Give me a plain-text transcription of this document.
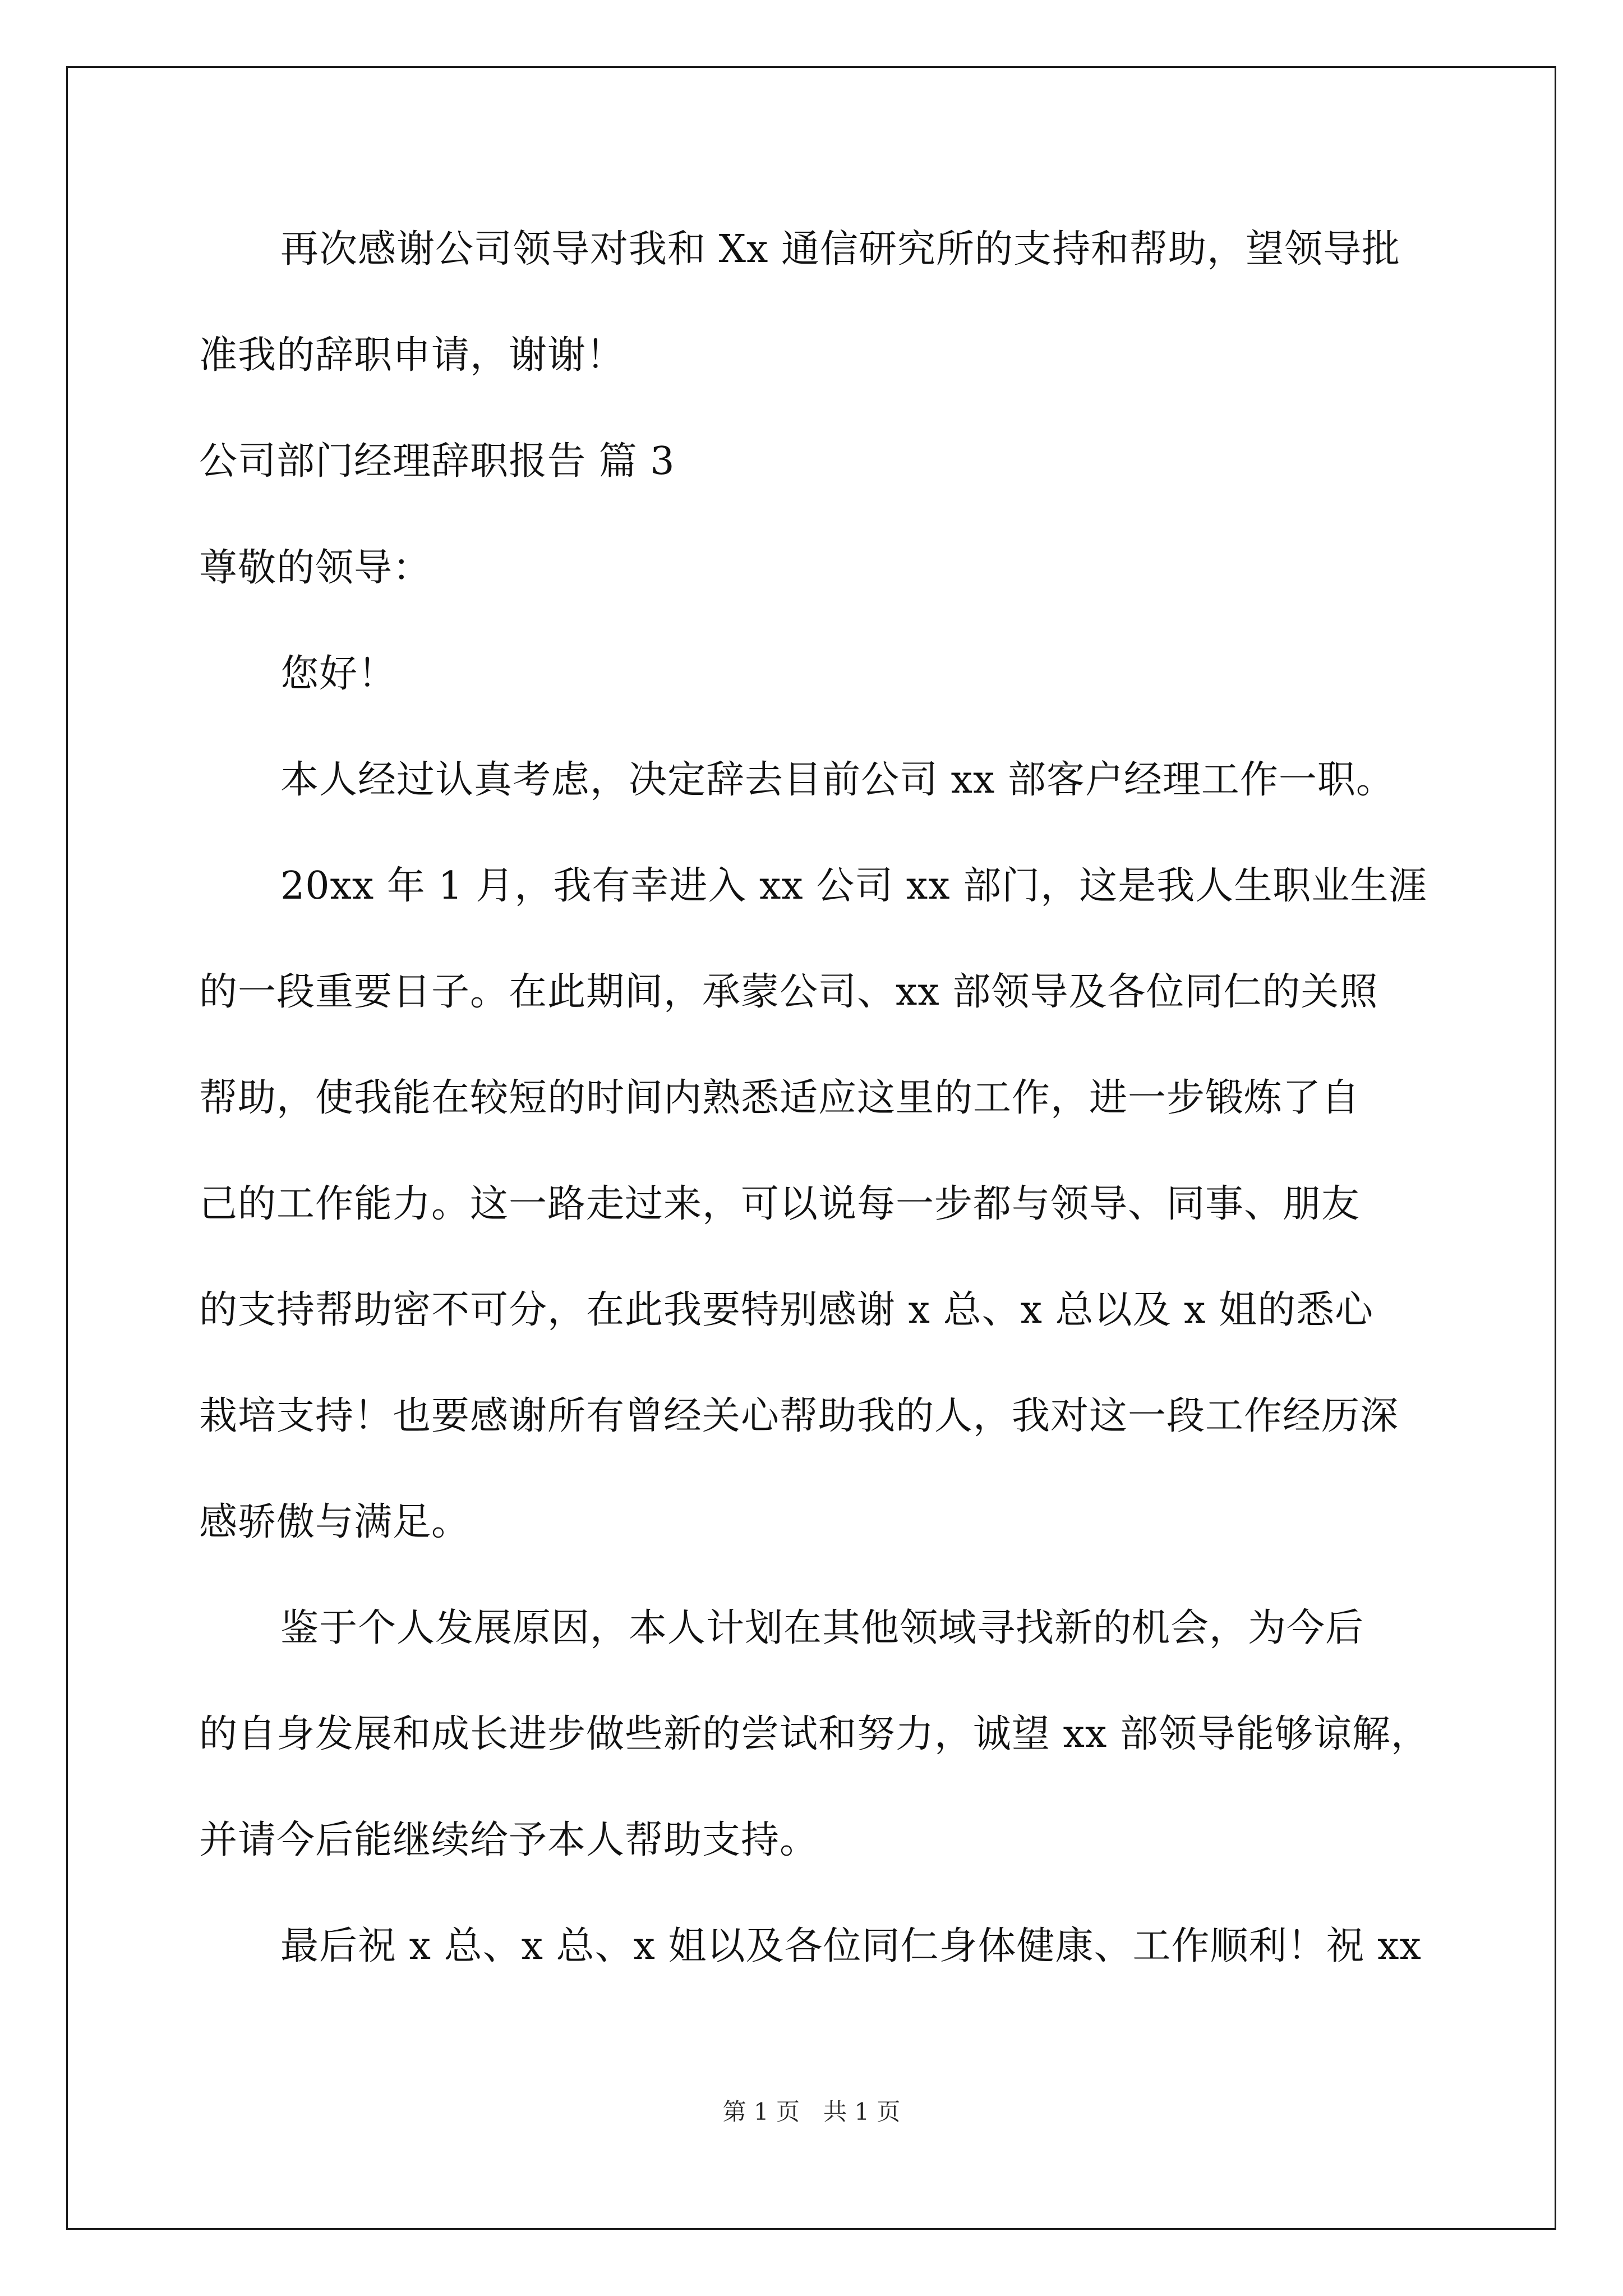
再次感谢公司领导对我和 Xx 通信研究所的支持和帮助，望领导批
准我的辞职申请，谢谢！
公司部门经理辞职报告 篇 3
尊敬的领导：
您好！
本人经过认真考虑，决定辞去目前公司 xx 部客户经理工作一职。
20xx 年 1 月，我有幸进入 xx 公司 xx 部门，这是我人生职业生涯
的一段重要日子。在此期间，承蒙公司、xx 部领导及各位同仁的关照
帮助，使我能在较短的时间内熟悉适应这里的工作，进一步锻炼了自
己的工作能力。这一路走过来，可以说每一步都与领导、同事、朋友
的支持帮助密不可分，在此我要特别感谢 x 总、x 总以及 x 姐的悉心
栽培支持！也要感谢所有曾经关心帮助我的人，我对这一段工作经历深
感骄傲与满足。
鉴于个人发展原因，本人计划在其他领域寻找新的机会，为今后
的自身发展和成长进步做些新的尝试和努力，诚望 xx 部领导能够谅解，
并请今后能继续给予本人帮助支持。
最后祝 x 总、x 总、x 姐以及各位同仁身体健康、工作顺利！祝 xx
第 1 页　共 1 页
